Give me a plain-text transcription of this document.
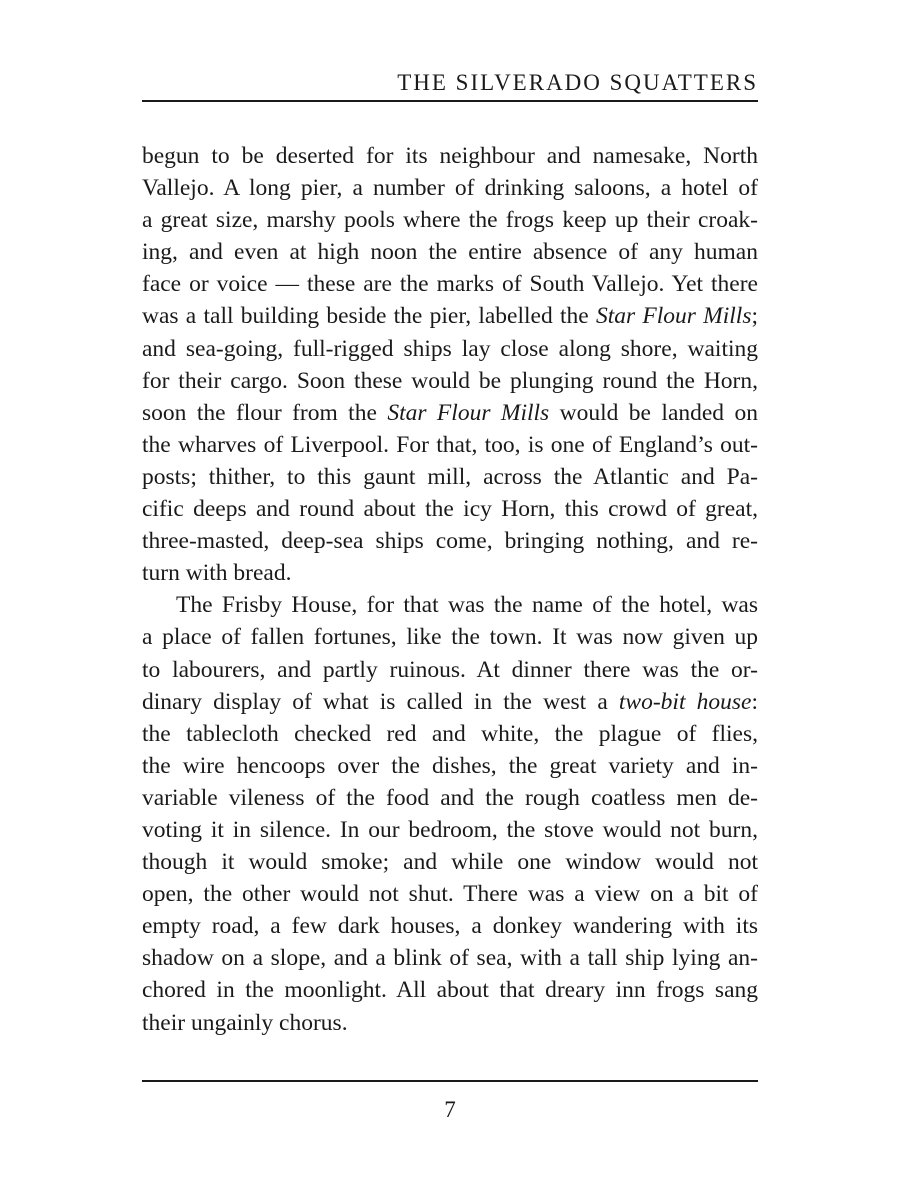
THE SILVERADO SQUATTERS
begun to be deserted for its neighbour and namesake, North
Vallejo. A long pier, a number of drinking saloons, a hotel of
a great size, marshy pools where the frogs keep up their croak-
ing, and even at high noon the entire absence of any human
face or voice — these are the marks of South Vallejo. Yet there
was a tall building beside the pier, labelled the Star Flour Mills;
and sea-going, full-rigged ships lay close along shore, waiting
for their cargo. Soon these would be plunging round the Horn,
soon the flour from the Star Flour Mills would be landed on
the wharves of Liverpool. For that, too, is one of England’s out-
posts; thither, to this gaunt mill, across the Atlantic and Pa-
cific deeps and round about the icy Horn, this crowd of great,
three-masted, deep-sea ships come, bringing nothing, and re-
turn with bread.
The Frisby House, for that was the name of the hotel, was
a place of fallen fortunes, like the town. It was now given up
to labourers, and partly ruinous. At dinner there was the or-
dinary display of what is called in the west a two-bit house:
the tablecloth checked red and white, the plague of flies,
the wire hencoops over the dishes, the great variety and in-
variable vileness of the food and the rough coatless men de-
voting it in silence. In our bedroom, the stove would not burn,
though it would smoke; and while one window would not
open, the other would not shut. There was a view on a bit of
empty road, a few dark houses, a donkey wandering with its
shadow on a slope, and a blink of sea, with a tall ship lying an-
chored in the moonlight. All about that dreary inn frogs sang
their ungainly chorus.
7
